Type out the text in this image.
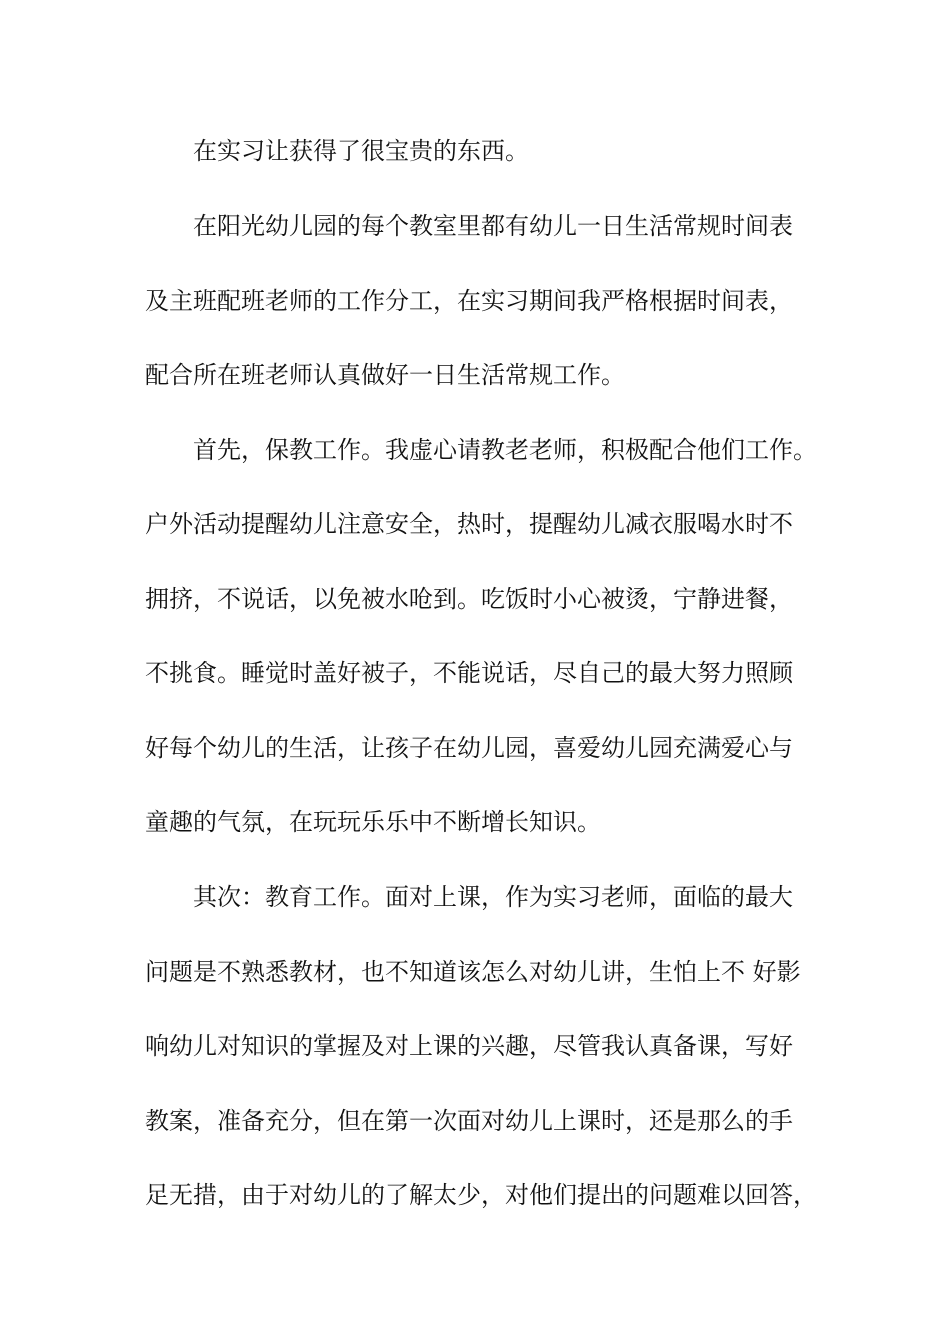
在实习让获得了很宝贵的东西。
在阳光幼儿园的每个教室里都有幼儿一日生活常规时间表
及主班配班老师的工作分工，在实习期间我严格根据时间表，
配合所在班老师认真做好一日生活常规工作。
首先，保教工作。我虚心请教老老师，积极配合他们工作。
户外活动提醒幼儿注意安全，热时，提醒幼儿减衣服喝水时不
拥挤，不说话，以免被水呛到。吃饭时小心被烫，宁静进餐，
不挑食。睡觉时盖好被子，不能说话，尽自己的最大努力照顾
好每个幼儿的生活，让孩子在幼儿园，喜爱幼儿园充满爱心与
童趣的气氛，在玩玩乐乐中不断增长知识。
其次：教育工作。面对上课，作为实习老师，面临的最大
问题是不熟悉教材，也不知道该怎么对幼儿讲，生怕上不 好影
响幼儿对知识的掌握及对上课的兴趣，尽管我认真备课，写好
教案，准备充分，但在第一次面对幼儿上课时，还是那么的手
足无措，由于对幼儿的了解太少，对他们提出的问题难以回答，
